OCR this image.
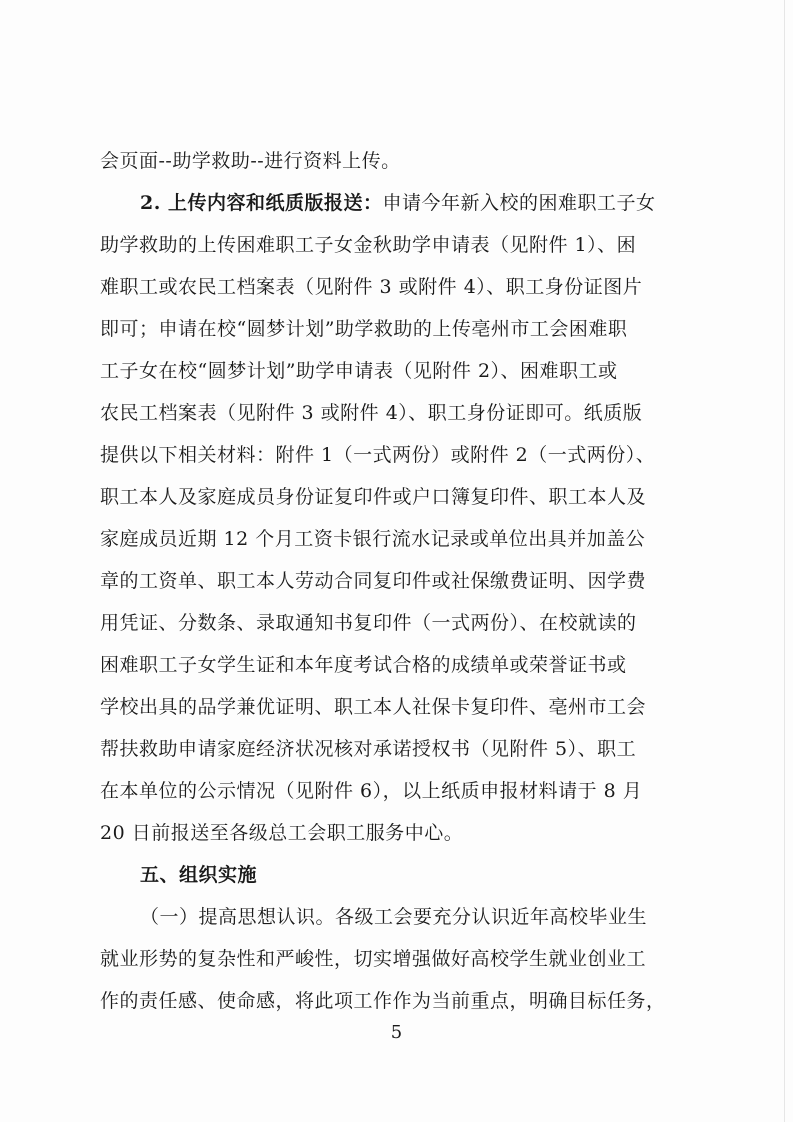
会页面--助学救助--进行资料上传。
2. 上传内容和纸质版报送：申请今年新入校的困难职工子女
助学救助的上传困难职工子女金秋助学申请表（见附件 1）、困
难职工或农民工档案表（见附件 3 或附件 4）、职工身份证图片
即可；申请在校“圆梦计划”助学救助的上传亳州市工会困难职
工子女在校“圆梦计划”助学申请表（见附件 2）、困难职工或
农民工档案表（见附件 3 或附件 4）、职工身份证即可。纸质版
提供以下相关材料：附件 1（一式两份）或附件 2（一式两份）、
职工本人及家庭成员身份证复印件或户口簿复印件、职工本人及
家庭成员近期 12 个月工资卡银行流水记录或单位出具并加盖公
章的工资单、职工本人劳动合同复印件或社保缴费证明、因学费
用凭证、分数条、录取通知书复印件（一式两份）、在校就读的
困难职工子女学生证和本年度考试合格的成绩单或荣誉证书或
学校出具的品学兼优证明、职工本人社保卡复印件、亳州市工会
帮扶救助申请家庭经济状况核对承诺授权书（见附件 5）、职工
在本单位的公示情况（见附件 6），以上纸质申报材料请于 8 月
20 日前报送至各级总工会职工服务中心。
五、组织实施
（一）提高思想认识。各级工会要充分认识近年高校毕业生
就业形势的复杂性和严峻性，切实增强做好高校学生就业创业工
作的责任感、使命感，将此项工作作为当前重点，明确目标任务，
5
